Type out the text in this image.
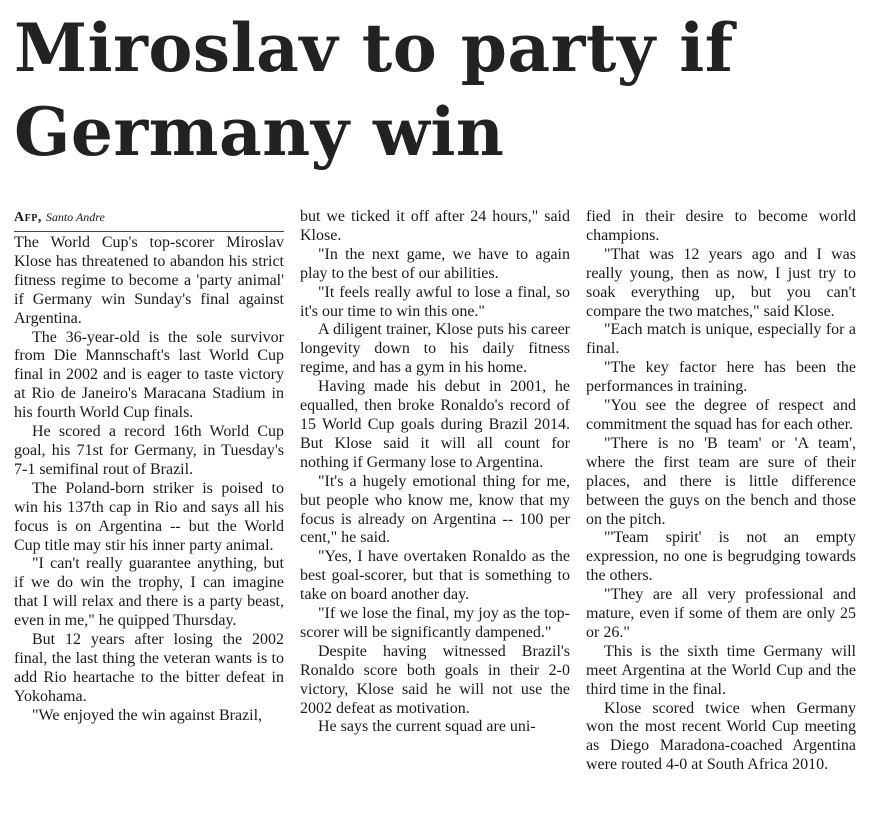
Miroslav to party if Germany win
Afp, Santo Andre

The World Cup's top-scorer Miroslav Klose has threatened to abandon his strict fitness regime to become a 'party animal' if Germany win Sunday's final against Argentina.

The 36-year-old is the sole survivor from Die Mannschaft's last World Cup final in 2002 and is eager to taste victory at Rio de Janeiro's Maracana Stadium in his fourth World Cup finals.

He scored a record 16th World Cup goal, his 71st for Germany, in Tuesday's 7-1 semifinal rout of Brazil.

The Poland-born striker is poised to win his 137th cap in Rio and says all his focus is on Argentina -- but the World Cup title may stir his inner party animal.

"I can't really guarantee anything, but if we do win the trophy, I can imagine that I will relax and there is a party beast, even in me," he quipped Thursday.

But 12 years after losing the 2002 final, the last thing the veteran wants is to add Rio heartache to the bitter defeat in Yokohama.

"We enjoyed the win against Brazil,

but we ticked it off after 24 hours," said Klose.

"In the next game, we have to again play to the best of our abilities.

"It feels really awful to lose a final, so it's our time to win this one."

A diligent trainer, Klose puts his career longevity down to his daily fitness regime, and has a gym in his home.

Having made his debut in 2001, he equalled, then broke Ronaldo's record of 15 World Cup goals during Brazil 2014. But Klose said it will all count for nothing if Germany lose to Argentina.

"It's a hugely emotional thing for me, but people who know me, know that my focus is already on Argentina -- 100 per cent," he said.

"Yes, I have overtaken Ronaldo as the best goal-scorer, but that is something to take on board another day.

"If we lose the final, my joy as the top-scorer will be significantly dampened."

Despite having witnessed Brazil's Ronaldo score both goals in their 2-0 victory, Klose said he will not use the 2002 defeat as motivation.

He says the current squad are uni-

fied in their desire to become world champions.

"That was 12 years ago and I was really young, then as now, I just try to soak everything up, but you can't compare the two matches," said Klose.

"Each match is unique, especially for a final.

"The key factor here has been the performances in training.

"You see the degree of respect and commitment the squad has for each other.

"There is no 'B team' or 'A team', where the first team are sure of their places, and there is little difference between the guys on the bench and those on the pitch.

"'Team spirit' is not an empty expression, no one is begrudging towards the others.

"They are all very professional and mature, even if some of them are only 25 or 26."

This is the sixth time Germany will meet Argentina at the World Cup and the third time in the final.

Klose scored twice when Germany won the most recent World Cup meeting as Diego Maradona-coached Argentina were routed 4-0 at South Africa 2010.
